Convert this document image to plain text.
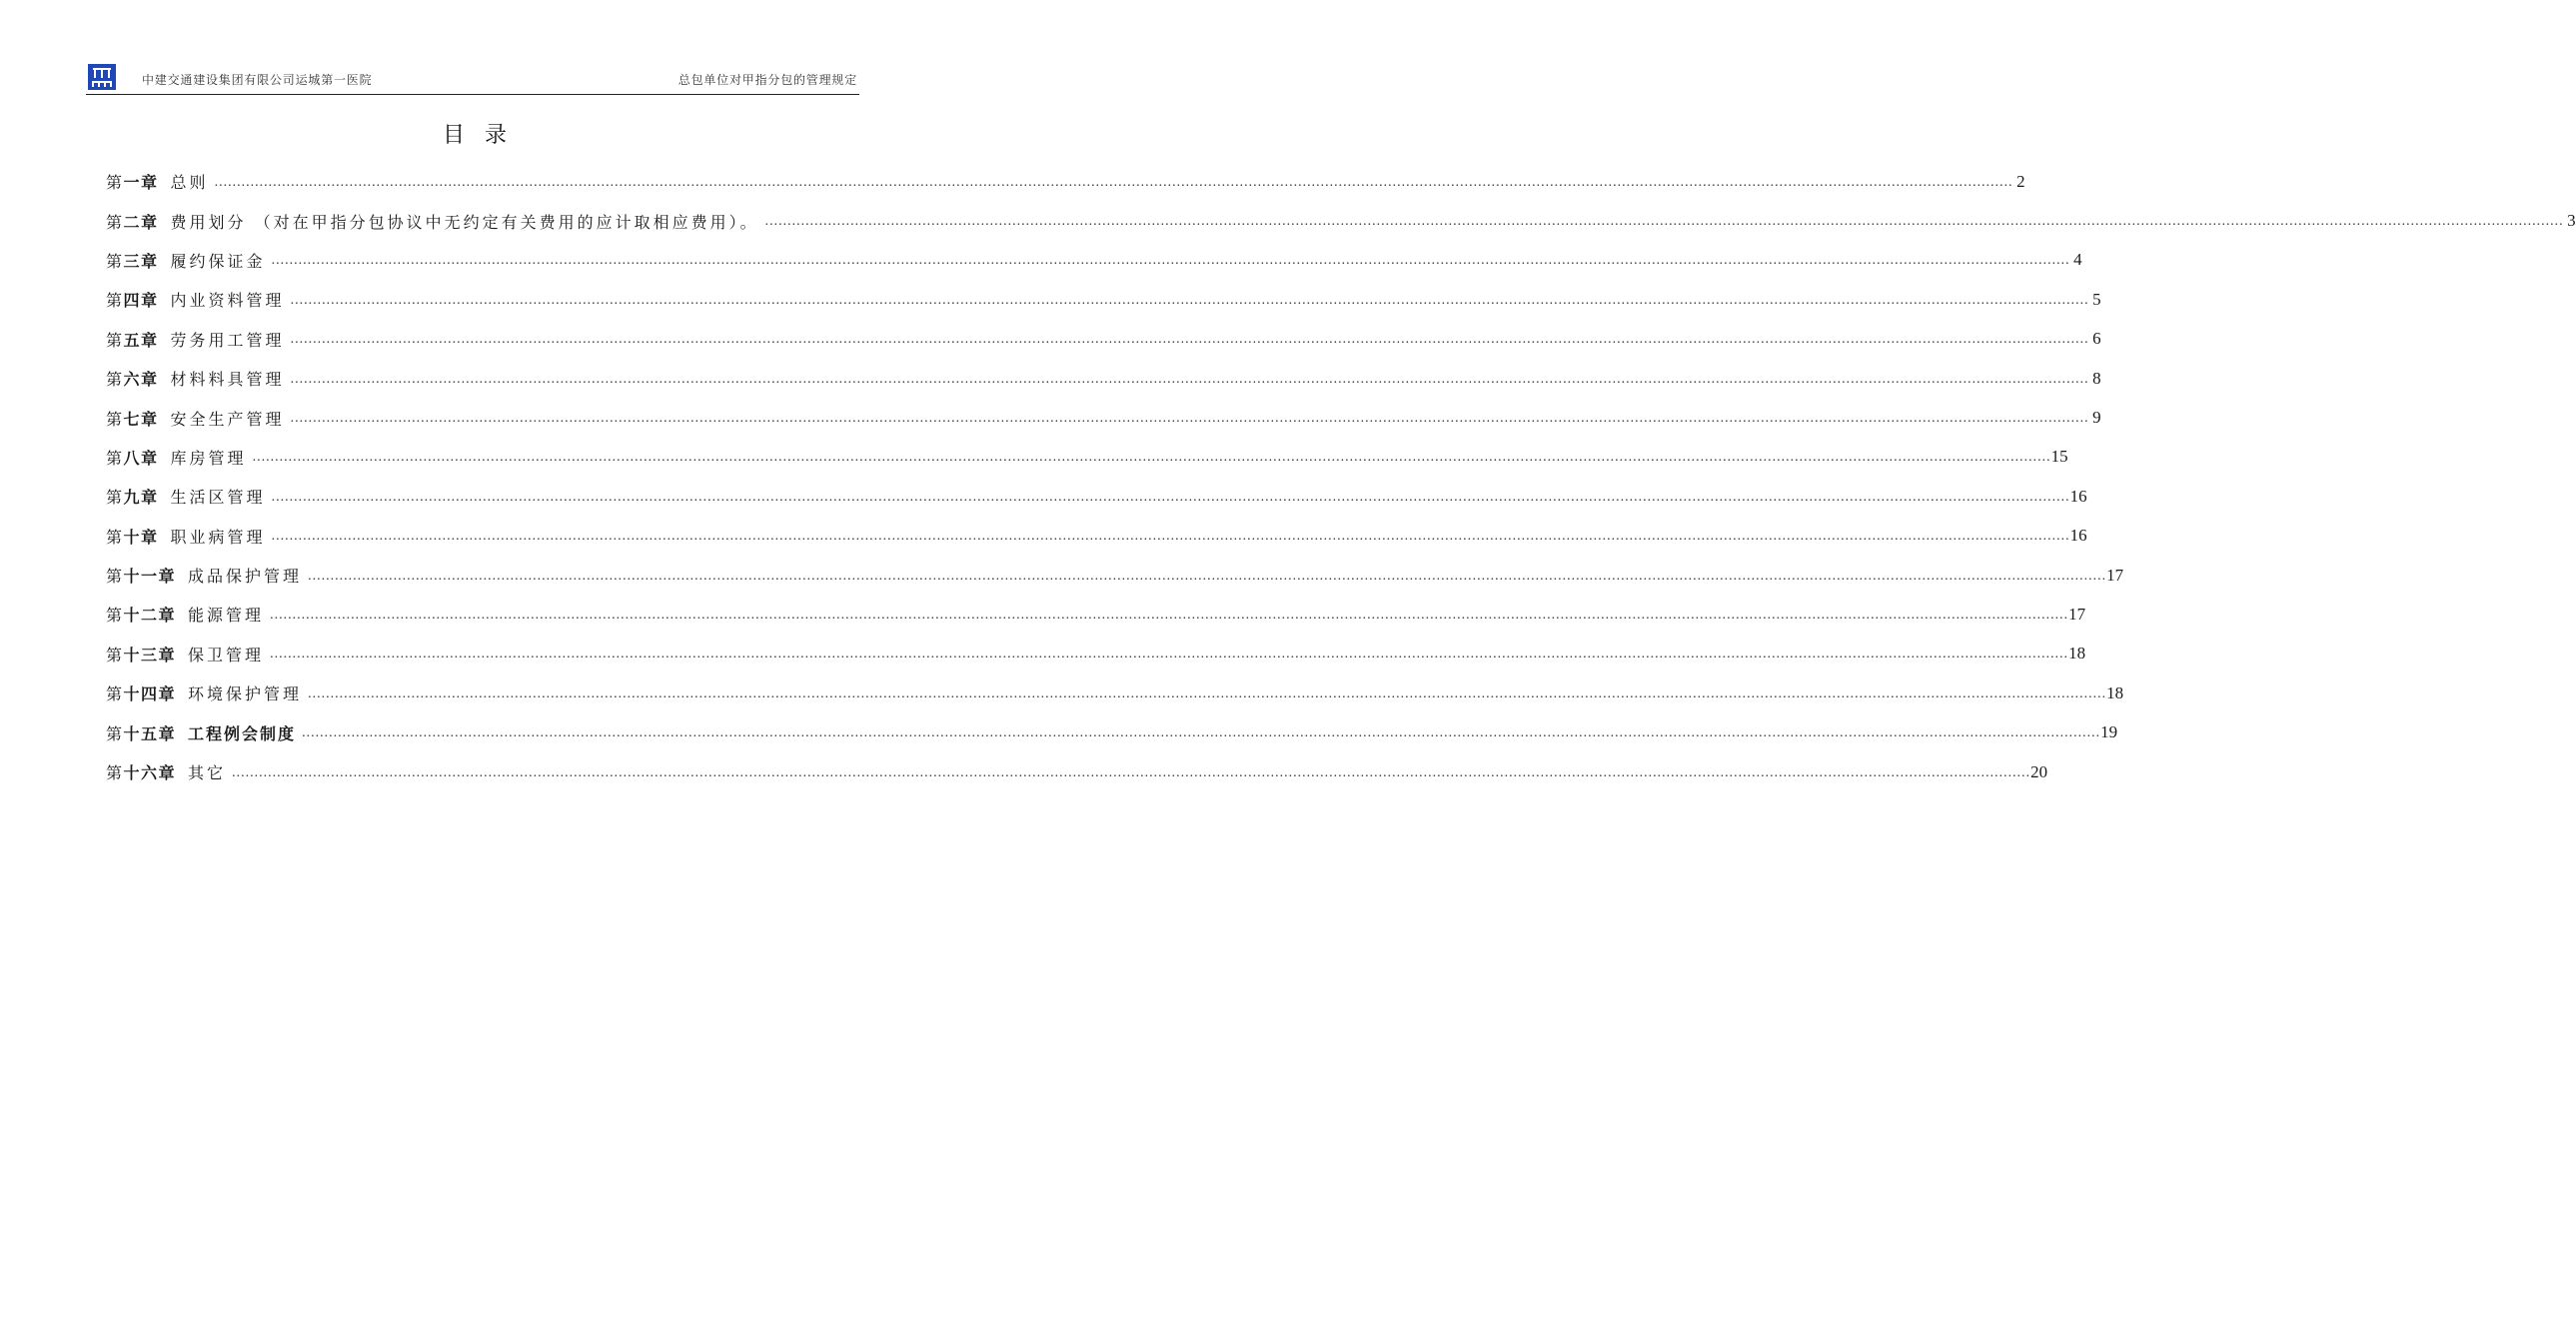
中建交通建设集团有限公司运城第一医院	总包单位对甲指分包的管理规定
目录
第一章 总则 ................................................................................................................................................................................................................................................................................................................................................................................................................ 2
第二章 费用划分 （对在甲指分包协议中无约定有关费用的应计取相应费用）。 ................................................................................................................................................................................................................................................................................................................................................................................................................ 3
第三章 履约保证金 ................................................................................................................................................................................................................................................................................................................................................................................................................ 4
第四章 内业资料管理 ................................................................................................................................................................................................................................................................................................................................................................................................................ 5
第五章 劳务用工管理 ................................................................................................................................................................................................................................................................................................................................................................................................................ 6
第六章 材料料具管理 ................................................................................................................................................................................................................................................................................................................................................................................................................ 8
第七章 安全生产管理 ................................................................................................................................................................................................................................................................................................................................................................................................................ 9
第八章 库房管理 ................................................................................................................................................................................................................................................................................................................................................................................................................ 15
第九章 生活区管理 ................................................................................................................................................................................................................................................................................................................................................................................................................ 16
第十章 职业病管理 ................................................................................................................................................................................................................................................................................................................................................................................................................ 16
第十一章 成品保护管理 ................................................................................................................................................................................................................................................................................................................................................................................................................ 17
第十二章 能源管理 ................................................................................................................................................................................................................................................................................................................................................................................................................ 17
第十三章 保卫管理 ................................................................................................................................................................................................................................................................................................................................................................................................................ 18
第十四章 环境保护管理 ................................................................................................................................................................................................................................................................................................................................................................................................................ 18
第十五章 工程例会制度 ................................................................................................................................................................................................................................................................................................................................................................................................................ 19
第十六章 其它 ................................................................................................................................................................................................................................................................................................................................................................................................................ 20
